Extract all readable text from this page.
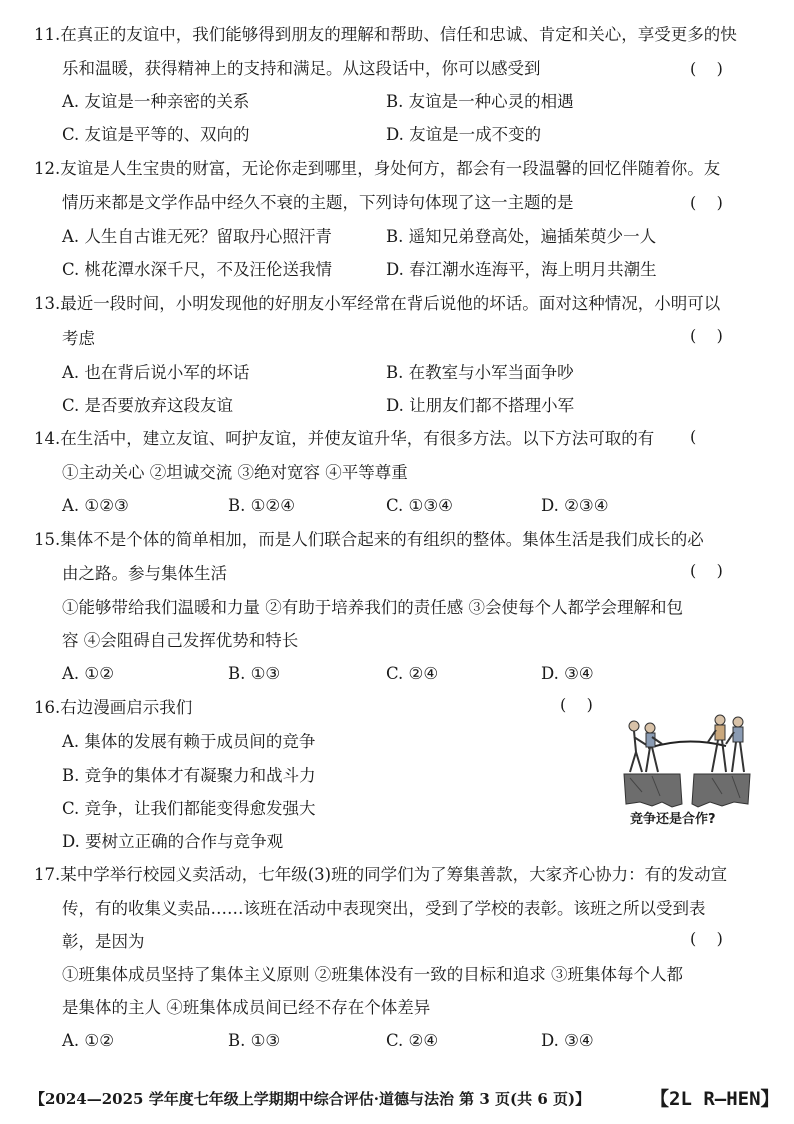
11.在真正的友谊中，我们能够得到朋友的理解和帮助、信任和忠诚、肯定和关心，享受更多的快
乐和温暖，获得精神上的支持和满足。从这段话中，你可以感受到	(    )
A. 友谊是一种亲密的关系	B. 友谊是一种心灵的相遇
C. 友谊是平等的、双向的	D. 友谊是一成不变的
12.友谊是人生宝贵的财富，无论你走到哪里，身处何方，都会有一段温馨的回忆伴随着你。友
情历来都是文学作品中经久不衰的主题，下列诗句体现了这一主题的是	(    )
A. 人生自古谁无死？留取丹心照汗青	B. 遥知兄弟登高处，遍插茱萸少一人
C. 桃花潭水深千尺，不及汪伦送我情	D. 春江潮水连海平，海上明月共潮生
13.最近一段时间，小明发现他的好朋友小军经常在背后说他的坏话。面对这种情况，小明可以
考虑	(    )
A. 也在背后说小军的坏话	B. 在教室与小军当面争吵
C. 是否要放弃这段友谊	D. 让朋友们都不搭理小军
14.在生活中，建立友谊、呵护友谊，并使友谊升华，有很多方法。以下方法可取的有 (
①主动关心 ②坦诚交流 ③绝对宽容 ④平等尊重
A. ①②③	B. ①②④	C. ①③④	D. ②③④
15.集体不是个体的简单相加，而是人们联合起来的有组织的整体。集体生活是我们成长的必
由之路。参与集体生活	(    )
①能够带给我们温暖和力量 ②有助于培养我们的责任感 ③会使每个人都学会理解和包
容 ④会阻碍自己发挥优势和特长
A. ①②	B. ①③	C. ②④	D. ③④
16.右边漫画启示我们	(    )
A. 集体的发展有赖于成员间的竞争
B. 竞争的集体才有凝聚力和战斗力
C. 竞争，让我们都能变得愈发强大
D. 要树立正确的合作与竞争观
竞争还是合作?
17.某中学举行校园义卖活动，七年级(3)班的同学们为了筹集善款，大家齐心协力：有的发动宣
传，有的收集义卖品……该班在活动中表现突出，受到了学校的表彰。该班之所以受到表
彰，是因为	(    )
①班集体成员坚持了集体主义原则 ②班集体没有一致的目标和追求 ③班集体每个人都
是集体的主人 ④班集体成员间已经不存在个体差异
A. ①②	B. ①③	C. ②④	D. ③④
【2024—2025 学年度七年级上学期期中综合评估·道德与法治 第 3 页(共 6 页)】	【2L R—HEN】
